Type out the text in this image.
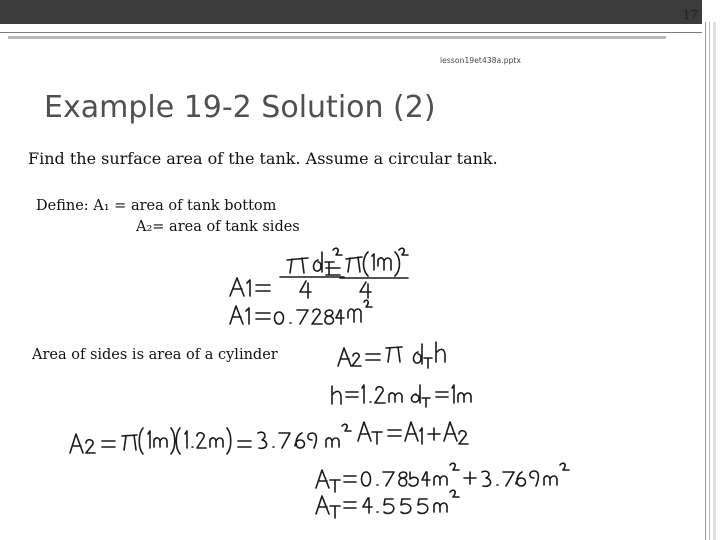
17
lesson19et438a.pptx
Example 19-2 Solution (2)
Find the surface area of the tank. Assume a circular tank.
Define: A₁ = area of tank bottom
A₂= area of tank sides
Area of sides is area of a cylinder
